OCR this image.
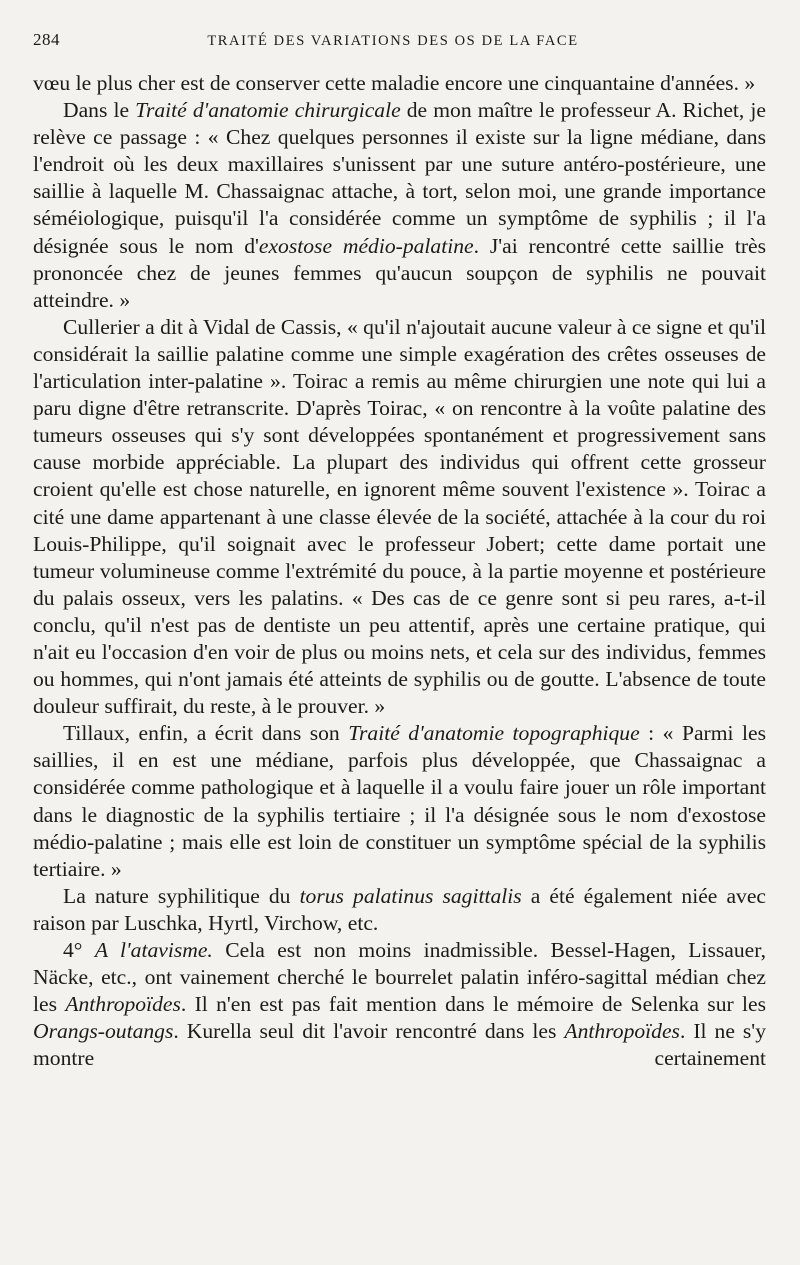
284	TRAITÉ DES VARIATIONS DES OS DE LA FACE

vœu le plus cher est de conserver cette maladie encore une cinquantaine d'années. »

Dans le Traité d'anatomie chirurgicale de mon maître le professeur A. Richet, je relève ce passage : « Chez quelques personnes il existe sur la ligne médiane, dans l'endroit où les deux maxillaires s'unissent par une suture antéro-postérieure, une saillie à laquelle M. Chassaignac attache, à tort, selon moi, une grande importance séméiologique, puisqu'il l'a considérée comme un symptôme de syphilis ; il l'a désignée sous le nom d'exostose médio-palatine. J'ai rencontré cette saillie très prononcée chez de jeunes femmes qu'aucun soupçon de syphilis ne pouvait atteindre. »

Cullerier a dit à Vidal de Cassis, « qu'il n'ajoutait aucune valeur à ce signe et qu'il considérait la saillie palatine comme une simple exagération des crêtes osseuses de l'articulation inter-palatine ». Toirac a remis au même chirurgien une note qui lui a paru digne d'être retranscrite. D'après Toirac, « on rencontre à la voûte palatine des tumeurs osseuses qui s'y sont développées spontanément et progressivement sans cause morbide appréciable. La plupart des individus qui offrent cette grosseur croient qu'elle est chose naturelle, en ignorent même souvent l'existence ». Toirac a cité une dame appartenant à une classe élevée de la société, attachée à la cour du roi Louis-Philippe, qu'il soignait avec le professeur Jobert; cette dame portait une tumeur volumineuse comme l'extrémité du pouce, à la partie moyenne et postérieure du palais osseux, vers les palatins. « Des cas de ce genre sont si peu rares, a-t-il conclu, qu'il n'est pas de dentiste un peu attentif, après une certaine pratique, qui n'ait eu l'occasion d'en voir de plus ou moins nets, et cela sur des individus, femmes ou hommes, qui n'ont jamais été atteints de syphilis ou de goutte. L'absence de toute douleur suffirait, du reste, à le prouver. »

Tillaux, enfin, a écrit dans son Traité d'anatomie topographique : « Parmi les saillies, il en est une médiane, parfois plus développée, que Chassaignac a considérée comme pathologique et à laquelle il a voulu faire jouer un rôle important dans le diagnostic de la syphilis tertiaire ; il l'a désignée sous le nom d'exostose médio-palatine ; mais elle est loin de constituer un symptôme spécial de la syphilis tertiaire. »

La nature syphilitique du torus palatinus sagittalis a été également niée avec raison par Luschka, Hyrtl, Virchow, etc.

4° A l'atavisme. Cela est non moins inadmissible. Bessel-Hagen, Lissauer, Näcke, etc., ont vainement cherché le bourrelet palatin inféro-sagittal médian chez les Anthropoïdes. Il n'en est pas fait mention dans le mémoire de Selenka sur les Orangs-outangs. Kurella seul dit l'avoir rencontré dans les Anthropoïdes. Il ne s'y montre certainement
